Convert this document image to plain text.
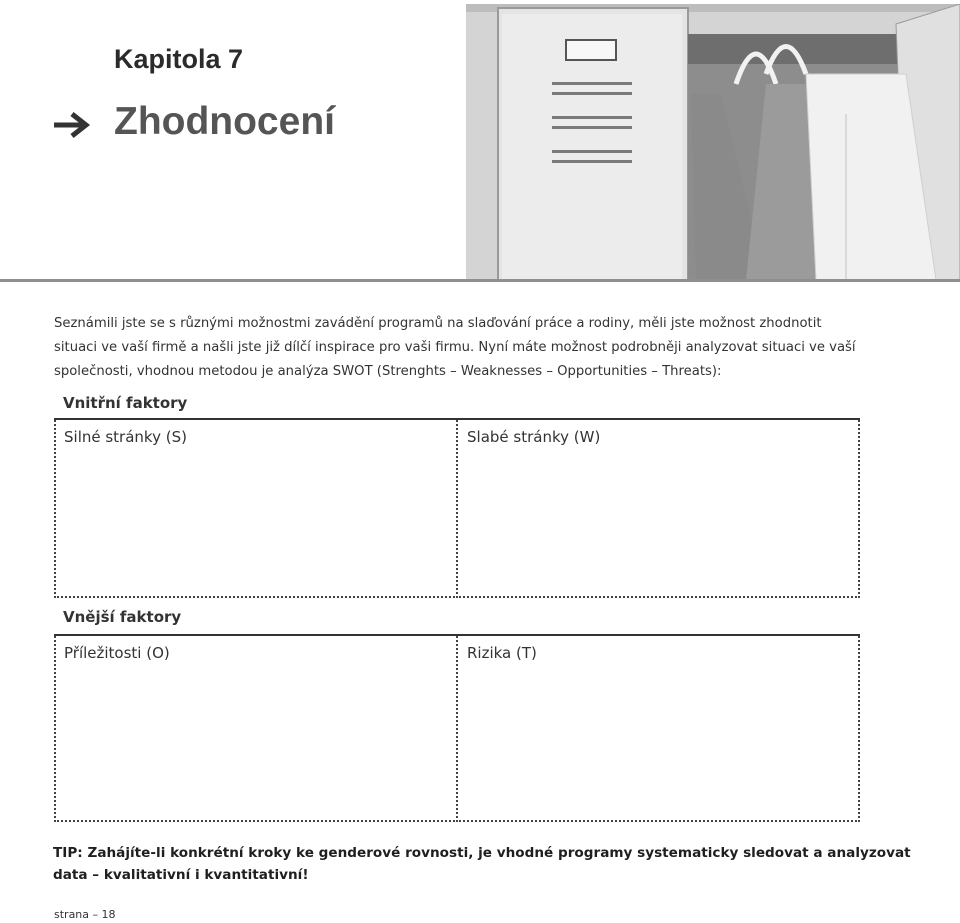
Kapitola 7
Zhodnocení
Seznámili jste se s různými možnostmi zavádění programů na slaďování práce a rodiny, měli jste možnost zhodnotit situaci ve vaší firmě a našli jste již dílčí inspirace pro vaši firmu. Nyní máte možnost podrobněji analyzovat situaci ve vaší společnosti, vhodnou metodou je analýza SWOT (Strenghts – Weaknesses – Opportunities – Threats):
Vnitřní faktory
Silné stránky (S)	Slabé stránky (W)
Vnější faktory
Příležitosti (O)	Rizika (T)
TIP: Zahájíte-li konkrétní kroky ke genderové rovnosti, je vhodné programy systematicky sledovat a analyzovat data – kvalitativní i kvantitativní!
strana – 18
